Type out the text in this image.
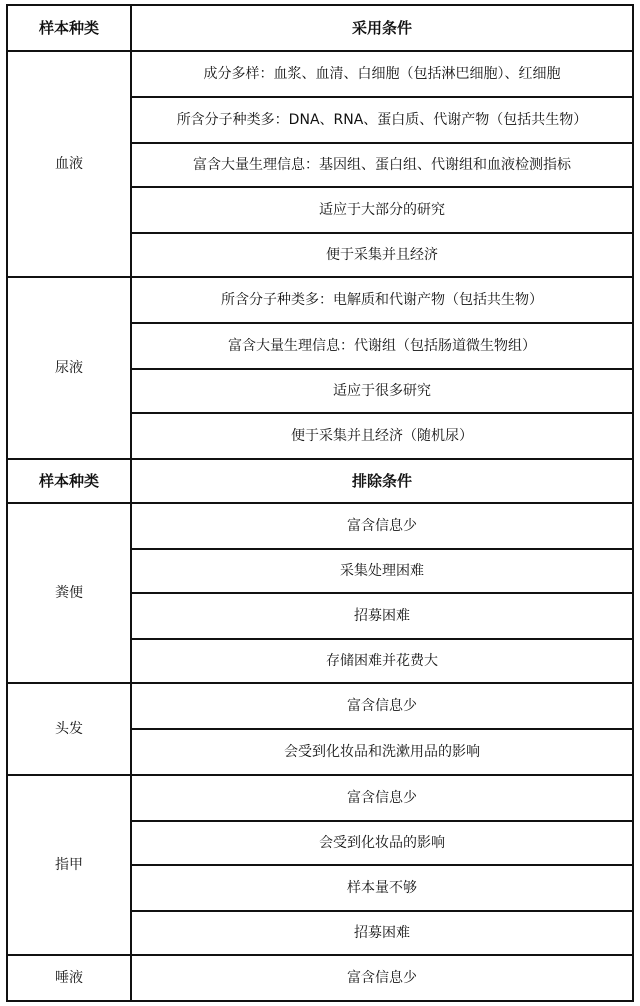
样本种类	采用条件
血液
成分多样：血浆、血清、白细胞（包括淋巴细胞）、红细胞
所含分子种类多：DNA、RNA、蛋白质、代谢产物（包括共生物）
富含大量生理信息：基因组、蛋白组、代谢组和血液检测指标
适应于大部分的研究
便于采集并且经济
尿液
所含分子种类多：电解质和代谢产物（包括共生物）
富含大量生理信息：代谢组（包括肠道微生物组）
适应于很多研究
便于采集并且经济（随机尿）
样本种类	排除条件
粪便
富含信息少
采集处理困难
招募困难
存储困难并花费大
头发
富含信息少
会受到化妆品和洗漱用品的影响
指甲
富含信息少
会受到化妆品的影响
样本量不够
招募困难
唾液	富含信息少
